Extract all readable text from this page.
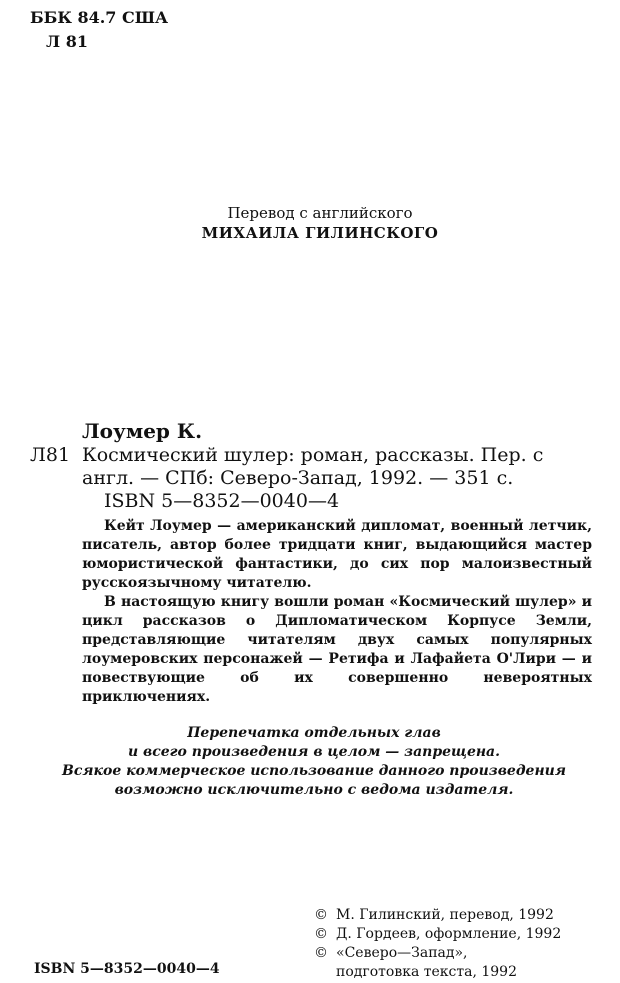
ББК 84.7 США
Л 81
Перевод с английского
МИХАИЛА ГИЛИНСКОГО
Лоумер К.
Л81 Космический шулер: роман, рассказы. Пер. с
англ. — СПб: Северо-Запад, 1992. — 351 с.
ISBN 5—8352—0040—4

Кейт Лоумер — американский дипломат, военный летчик, писатель, автор более тридцати книг, выдающийся мастер юмористической фантастики, до сих пор малоизвестный русскоязычному читателю.

В настоящую книгу вошли роман «Космический шулер» и цикл рассказов о Дипломатическом Корпусе Земли, представляющие читателям двух самых популярных лоумеровских персонажей — Ретифа и Лафайета О'Лири — и повествующие об их совершенно невероятных приключениях.

Перепечатка отдельных глав
и всего произведения в целом — запрещена.
Всякое коммерческое использование данного произведения
возможно исключительно с ведома издателя.
© М. Гилинский, перевод, 1992
© Д. Гордеев, оформление, 1992
© «Северо—Запад»,
подготовка текста, 1992
ISBN 5—8352—0040—4
